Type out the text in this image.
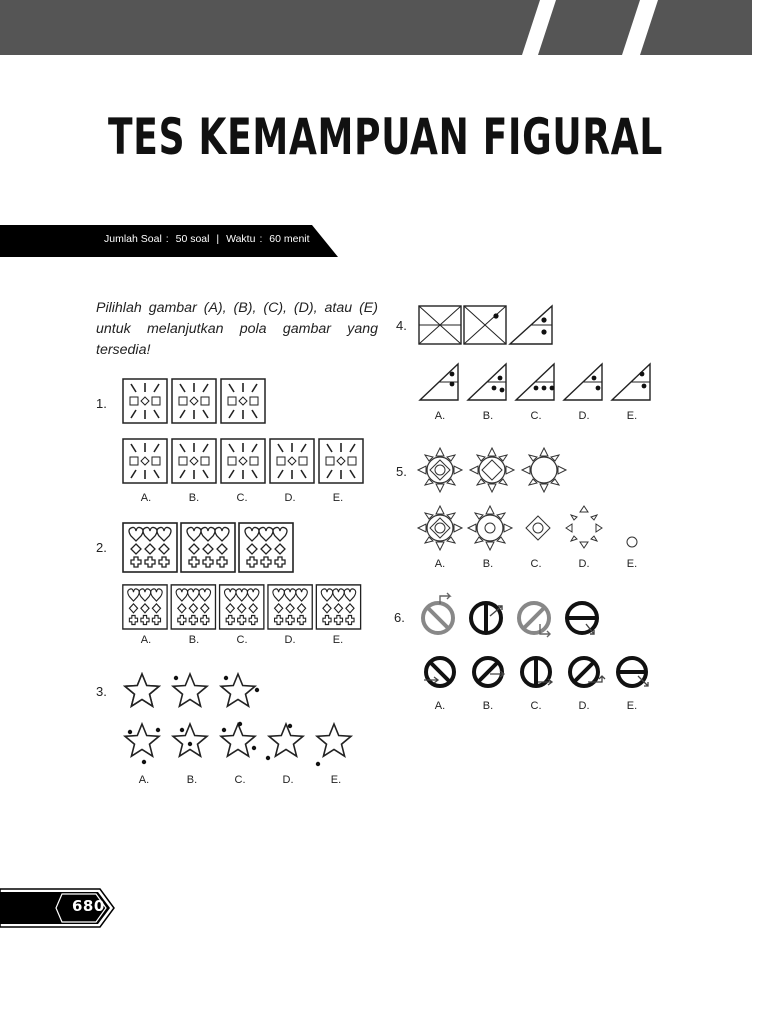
TES KEMAMPUAN FIGURAL
Jumlah Soal : 50 soal | Waktu : 60 menit
Pilihlah gambar (A), (B), (C), (D), atau (E) untuk melanjutkan pola gambar yang tersedia!
1.
A.	B.	C.	D.	E.
2.
A.	B.	C.	D.	E.
3.
A.	B.	C.	D.	E.
4.
A.	B.	C.	D.	E.
5.
A.	B.	C.	D.	E.
6.
A.	B.	C.	D.	E.
680
